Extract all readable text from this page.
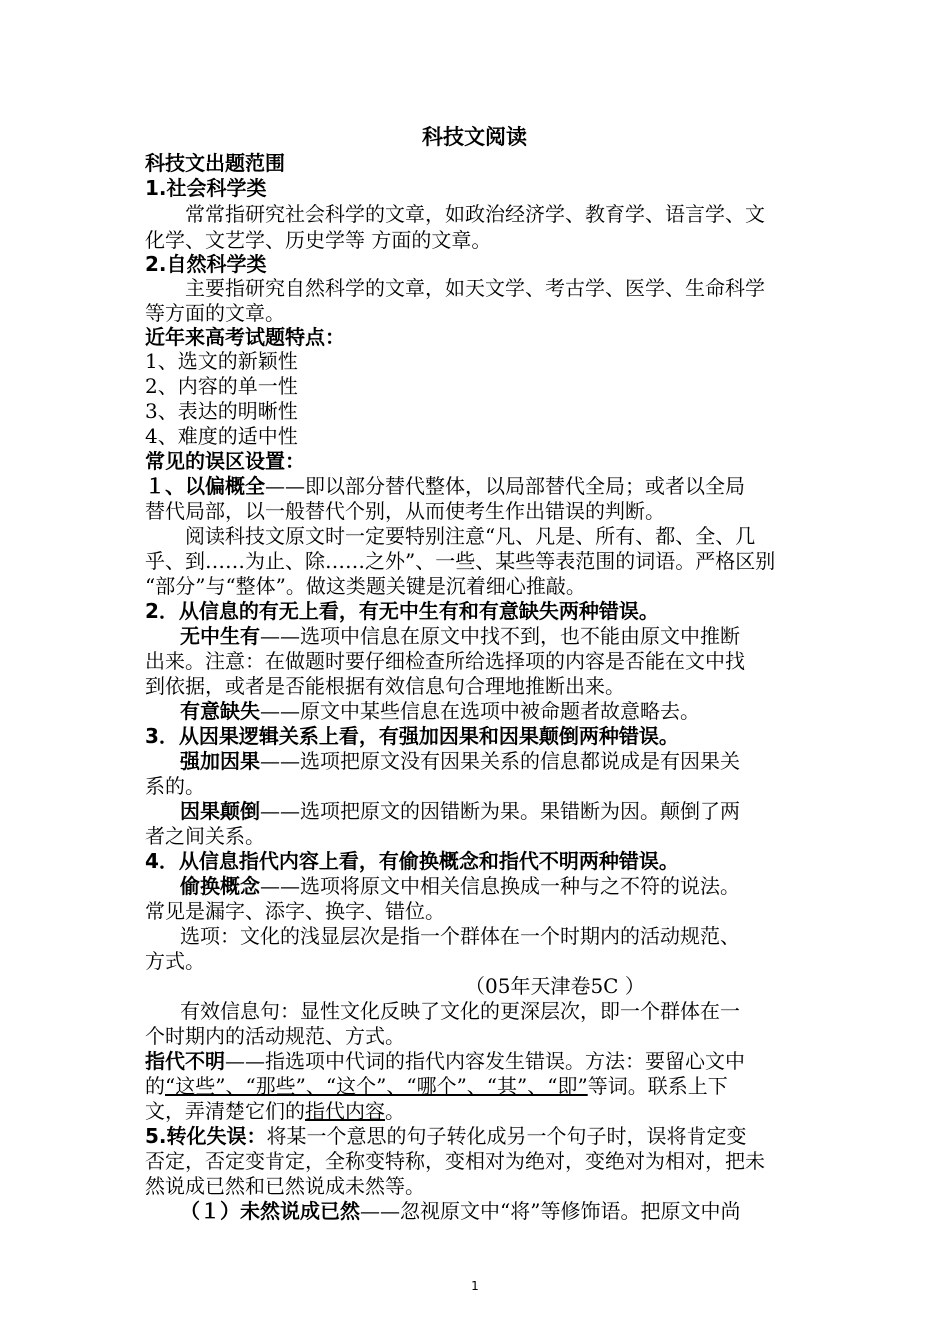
科技文阅读
科技文出题范围
1.社会科学类
常常指研究社会科学的文章，如政治经济学、教育学、语言学、文
化学、文艺学、历史学等 方面的文章。
2.自然科学类
主要指研究自然科学的文章，如天文学、考古学、医学、生命科学
等方面的文章。
近年来高考试题特点：
1、选文的新颖性
2、内容的单一性
3、表达的明晰性
4、难度的适中性
常见的误区设置：
１、以偏概全——即以部分替代整体，以局部替代全局；或者以全局
替代局部，以一般替代个别，从而使考生作出错误的判断。
阅读科技文原文时一定要特别注意“凡、凡是、所有、都、全、几
乎、到……为止、除……之外”、一些、某些等表范围的词语。严格区别
“部分”与“整体”。做这类题关键是沉着细心推敲。
2．从信息的有无上看，有无中生有和有意缺失两种错误。
无中生有——选项中信息在原文中找不到，也不能由原文中推断
出来。注意：在做题时要仔细检查所给选择项的内容是否能在文中找
到依据，或者是否能根据有效信息句合理地推断出来。
有意缺失——原文中某些信息在选项中被命题者故意略去。
3．从因果逻辑关系上看，有强加因果和因果颠倒两种错误。
强加因果——选项把原文没有因果关系的信息都说成是有因果关
系的。
因果颠倒——选项把原文的因错断为果。果错断为因。颠倒了两
者之间关系。
4．从信息指代内容上看，有偷换概念和指代不明两种错误。
偷换概念——选项将原文中相关信息换成一种与之不符的说法。
常见是漏字、添字、换字、错位。
选项：文化的浅显层次是指一个群体在一个时期内的活动规范、
方式。
（05年天津卷5C ）
有效信息句：显性文化反映了文化的更深层次，即一个群体在一
个时期内的活动规范、方式。
指代不明——指选项中代词的指代内容发生错误。方法：要留心文中
的“这些”、“那些”、“这个”、“哪个”、“其”、“即”等词。联系上下
文，弄清楚它们的指代内容。
5.转化失误：将某一个意思的句子转化成另一个句子时，误将肯定变
否定，否定变肯定，全称变特称，变相对为绝对，变绝对为相对，把未
然说成已然和已然说成未然等。
（１）未然说成已然——忽视原文中“将”等修饰语。把原文中尚
1
